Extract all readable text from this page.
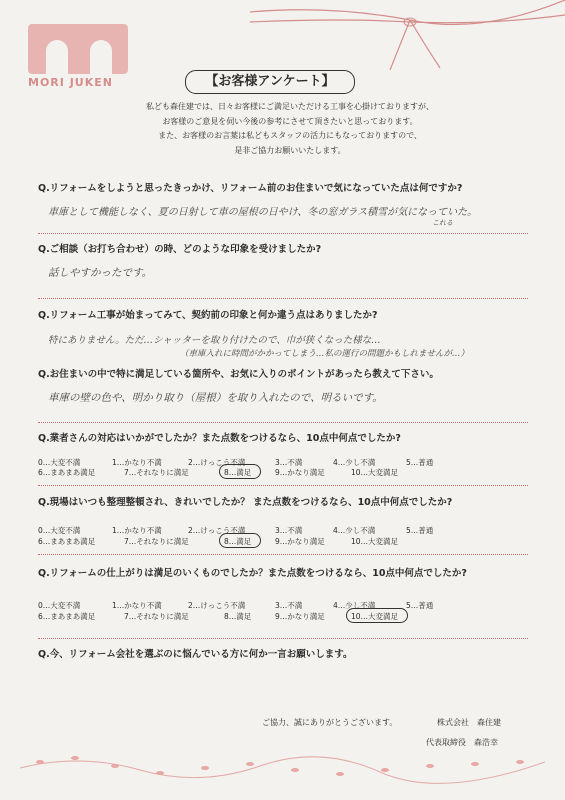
MORI JUKEN	【お客様アンケート】
私ども森住建では、日々お客様にご満足いただける工事を心掛けておりますが、
お客様のご意見を伺い今後の参考にさせて頂きたいと思っております。
また、お客様のお言葉は私どもスタッフの活力にもなっておりますので、
是非ご協力お願いいたします。
Q.リフォームをしようと思ったきっかけ、リフォーム前のお住まいで気になっていた点は何ですか?
車庫として機能しなく、夏の日射して車の屋根の日やけ、冬の窓ガラス積雪が気になっていた。
これる
Q.ご相談（お打ち合わせ）の時、どのような印象を受けましたか?
話しやすかったです。
Q.リフォーム工事が始まってみて、契約前の印象と何か違う点はありましたか?
特にありません。ただ…シャッターを取り付けたので、巾が狭くなった様な…
（車庫入れに時間がかかってしまう…私の運行の問題かもしれませんが…）
Q.お住まいの中で特に満足している箇所や、お気に入りのポイントがあったら教えて下さい。
車庫の壁の色や、明かり取り（屋根）を取り入れたので、明るいです。
Q.業者さんの対応はいかがでしたか？また点数をつけるなら、10点中何点でしたか?
0…大変不満	1…かなり不満	2…けっこう不満	3…不満	4…少し不満	5…普通
6…まあまあ満足	7…それなりに満足	8…満足	9…かなり満足	10…大変満足
Q.現場はいつも整理整頓され、きれいでしたか？ また点数をつけるなら、10点中何点でしたか?
0…大変不満	1…かなり不満	2…けっこう不満	3…不満	4…少し不満	5…普通
6…まあまあ満足	7…それなりに満足	8…満足	9…かなり満足	10…大変満足
Q.リフォームの仕上がりは満足のいくものでしたか？また点数をつけるなら、10点中何点でしたか?
0…大変不満	1…かなり不満	2…けっこう不満	3…不満	4…少し不満	5…普通
6…まあまあ満足	7…それなりに満足	8…満足	9…かなり満足	10…大変満足
Q.今、リフォーム会社を選ぶのに悩んでいる方に何か一言お願いします。
ご協力、誠にありがとうございます。	株式会社　森住建
代表取締役　森浩幸
